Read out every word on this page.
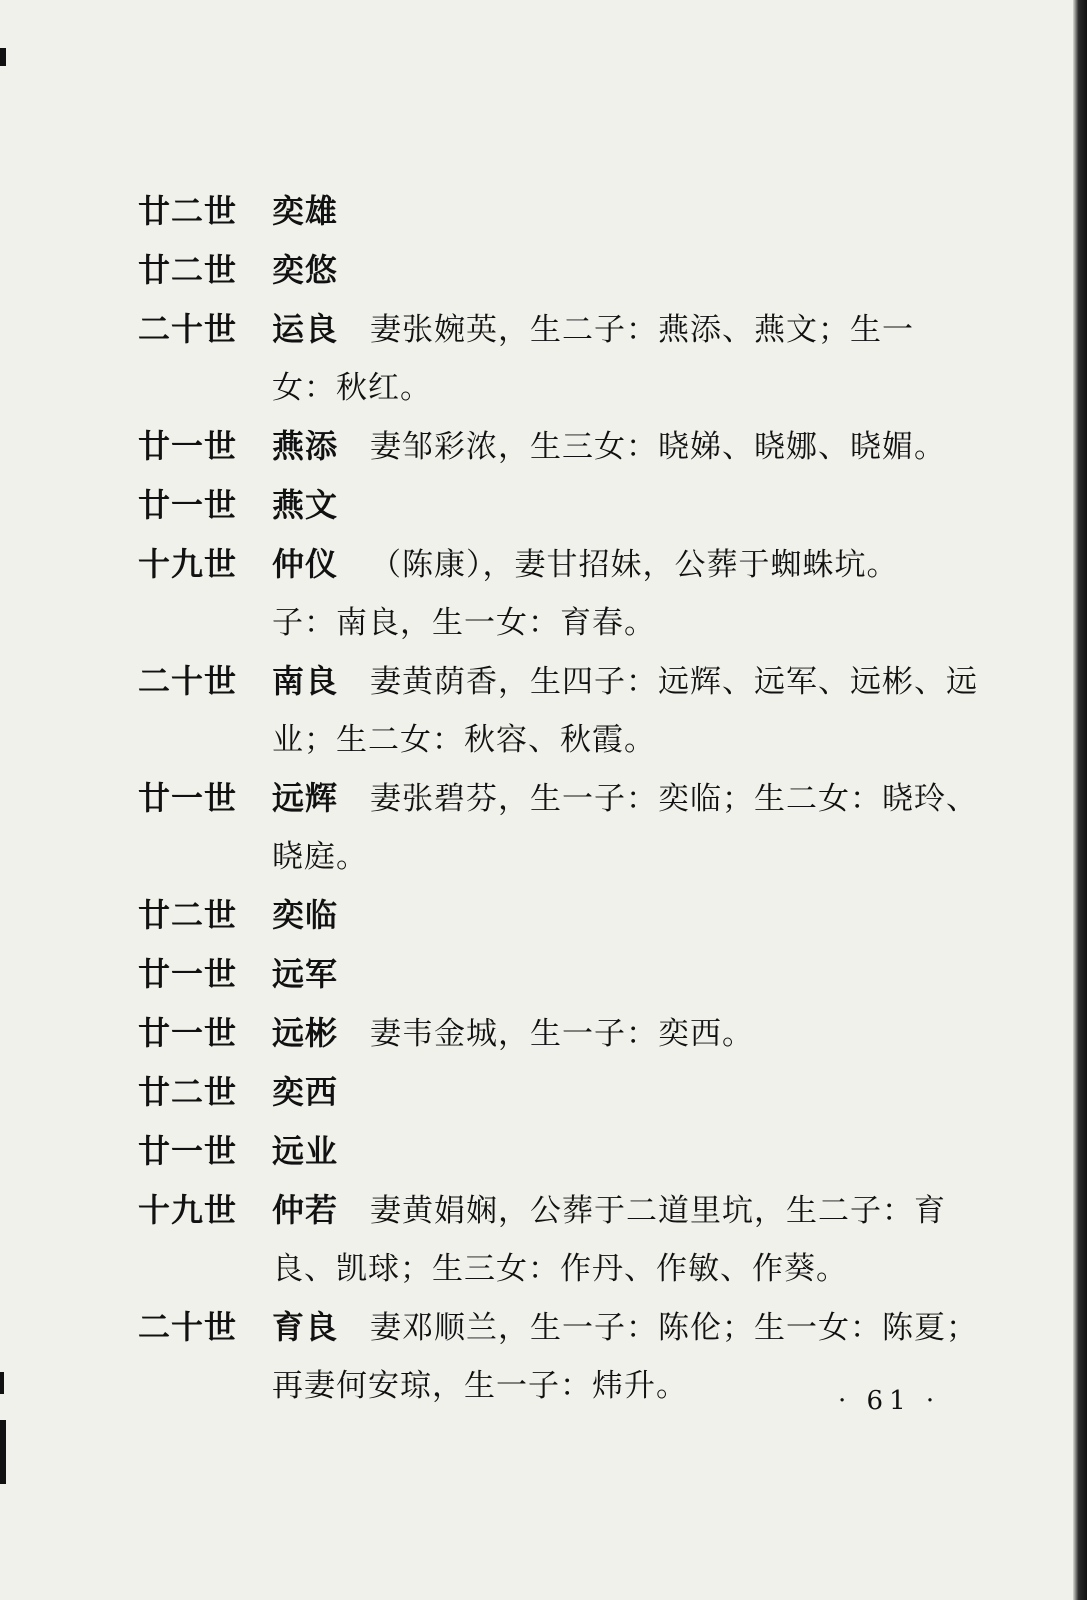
廿二世	奕雄
廿二世	奕悠
二十世	运良 妻张婉英，生二子：燕添、燕文；生一女：秋红。
廿一世	燕添 妻邹彩浓，生三女：晓娣、晓娜、晓媚。
廿一世	燕文
十九世	仲仪 （陈康），妻甘招妹，公葬于蜘蛛坑。子：南良，生一女：育春。
二十世	南良 妻黄荫香，生四子：远辉、远军、远彬、远业；生二女：秋容、秋霞。
廿一世	远辉 妻张碧芬，生一子：奕临；生二女：晓玲、晓庭。
廿二世	奕临
廿一世	远军
廿一世	远彬 妻韦金城，生一子：奕西。
廿二世	奕西
廿一世	远业
十九世	仲若 妻黄娟娴，公葬于二道里坑，生二子：育良、凯球；生三女：作丹、作敏、作葵。
二十世	育良 妻邓顺兰，生一子：陈伦；生一女：陈夏；再妻何安琼，生一子：炜升。	· 61 ·
